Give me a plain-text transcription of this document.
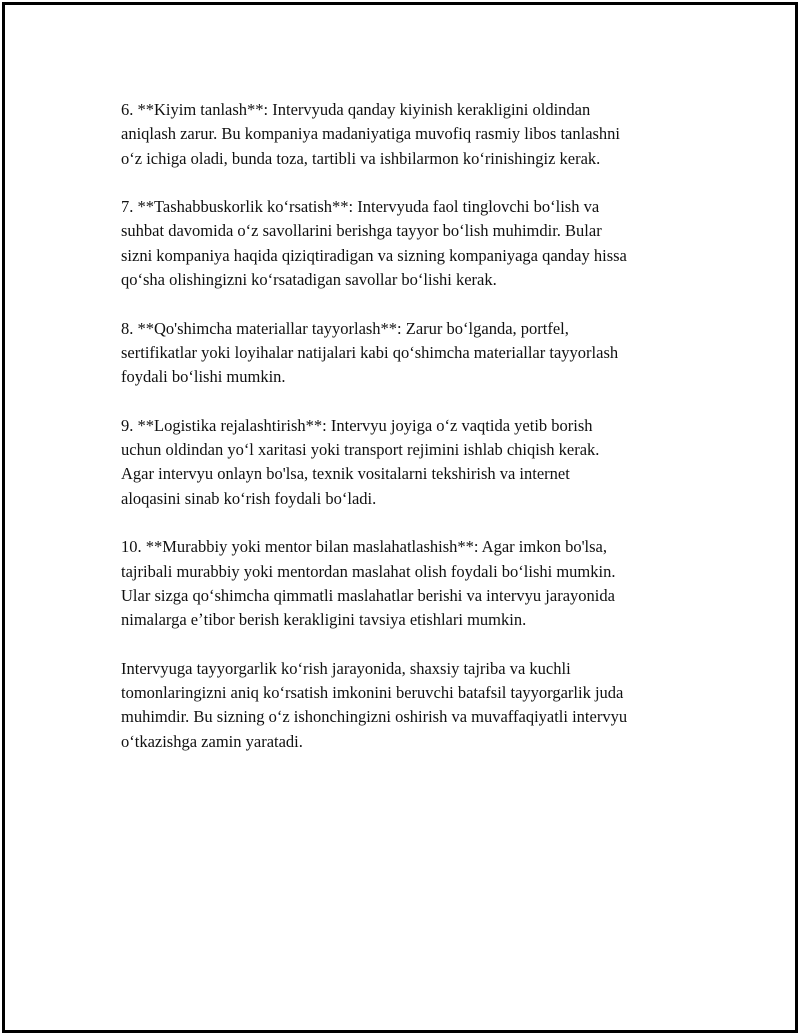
6. **Kiyim tanlash**: Intervyuda qanday kiyinish kerakligini oldindan
aniqlash zarur. Bu kompaniya madaniyatiga muvofiq rasmiy libos tanlashni
oʻz ichiga oladi, bunda toza, tartibli va ishbilarmon koʻrinishingiz kerak.

7. **Tashabbuskorlik koʻrsatish**: Intervyuda faol tinglovchi boʻlish va
suhbat davomida oʻz savollarini berishga tayyor boʻlish muhimdir. Bular
sizni kompaniya haqida qiziqtiradigan va sizning kompaniyaga qanday hissa
qoʻsha olishingizni koʻrsatadigan savollar boʻlishi kerak.

8. **Qo'shimcha materiallar tayyorlash**: Zarur boʻlganda, portfel,
sertifikatlar yoki loyihalar natijalari kabi qoʻshimcha materiallar tayyorlash
foydali boʻlishi mumkin.

9. **Logistika rejalashtirish**: Intervyu joyiga oʻz vaqtida yetib borish
uchun oldindan yoʻl xaritasi yoki transport rejimini ishlab chiqish kerak.
Agar intervyu onlayn bo'lsa, texnik vositalarni tekshirish va internet
aloqasini sinab koʻrish foydali boʻladi.

10. **Murabbiy yoki mentor bilan maslahatlashish**: Agar imkon bo'lsa,
tajribali murabbiy yoki mentordan maslahat olish foydali boʻlishi mumkin.
Ular sizga qoʻshimcha qimmatli maslahatlar berishi va intervyu jarayonida
nimalarga eʼtibor berish kerakligini tavsiya etishlari mumkin.

Intervyuga tayyorgarlik koʻrish jarayonida, shaxsiy tajriba va kuchli
tomonlaringizni aniq koʻrsatish imkonini beruvchi batafsil tayyorgarlik juda
muhimdir. Bu sizning oʻz ishonchingizni oshirish va muvaffaqiyatli intervyu
oʻtkazishga zamin yaratadi.
